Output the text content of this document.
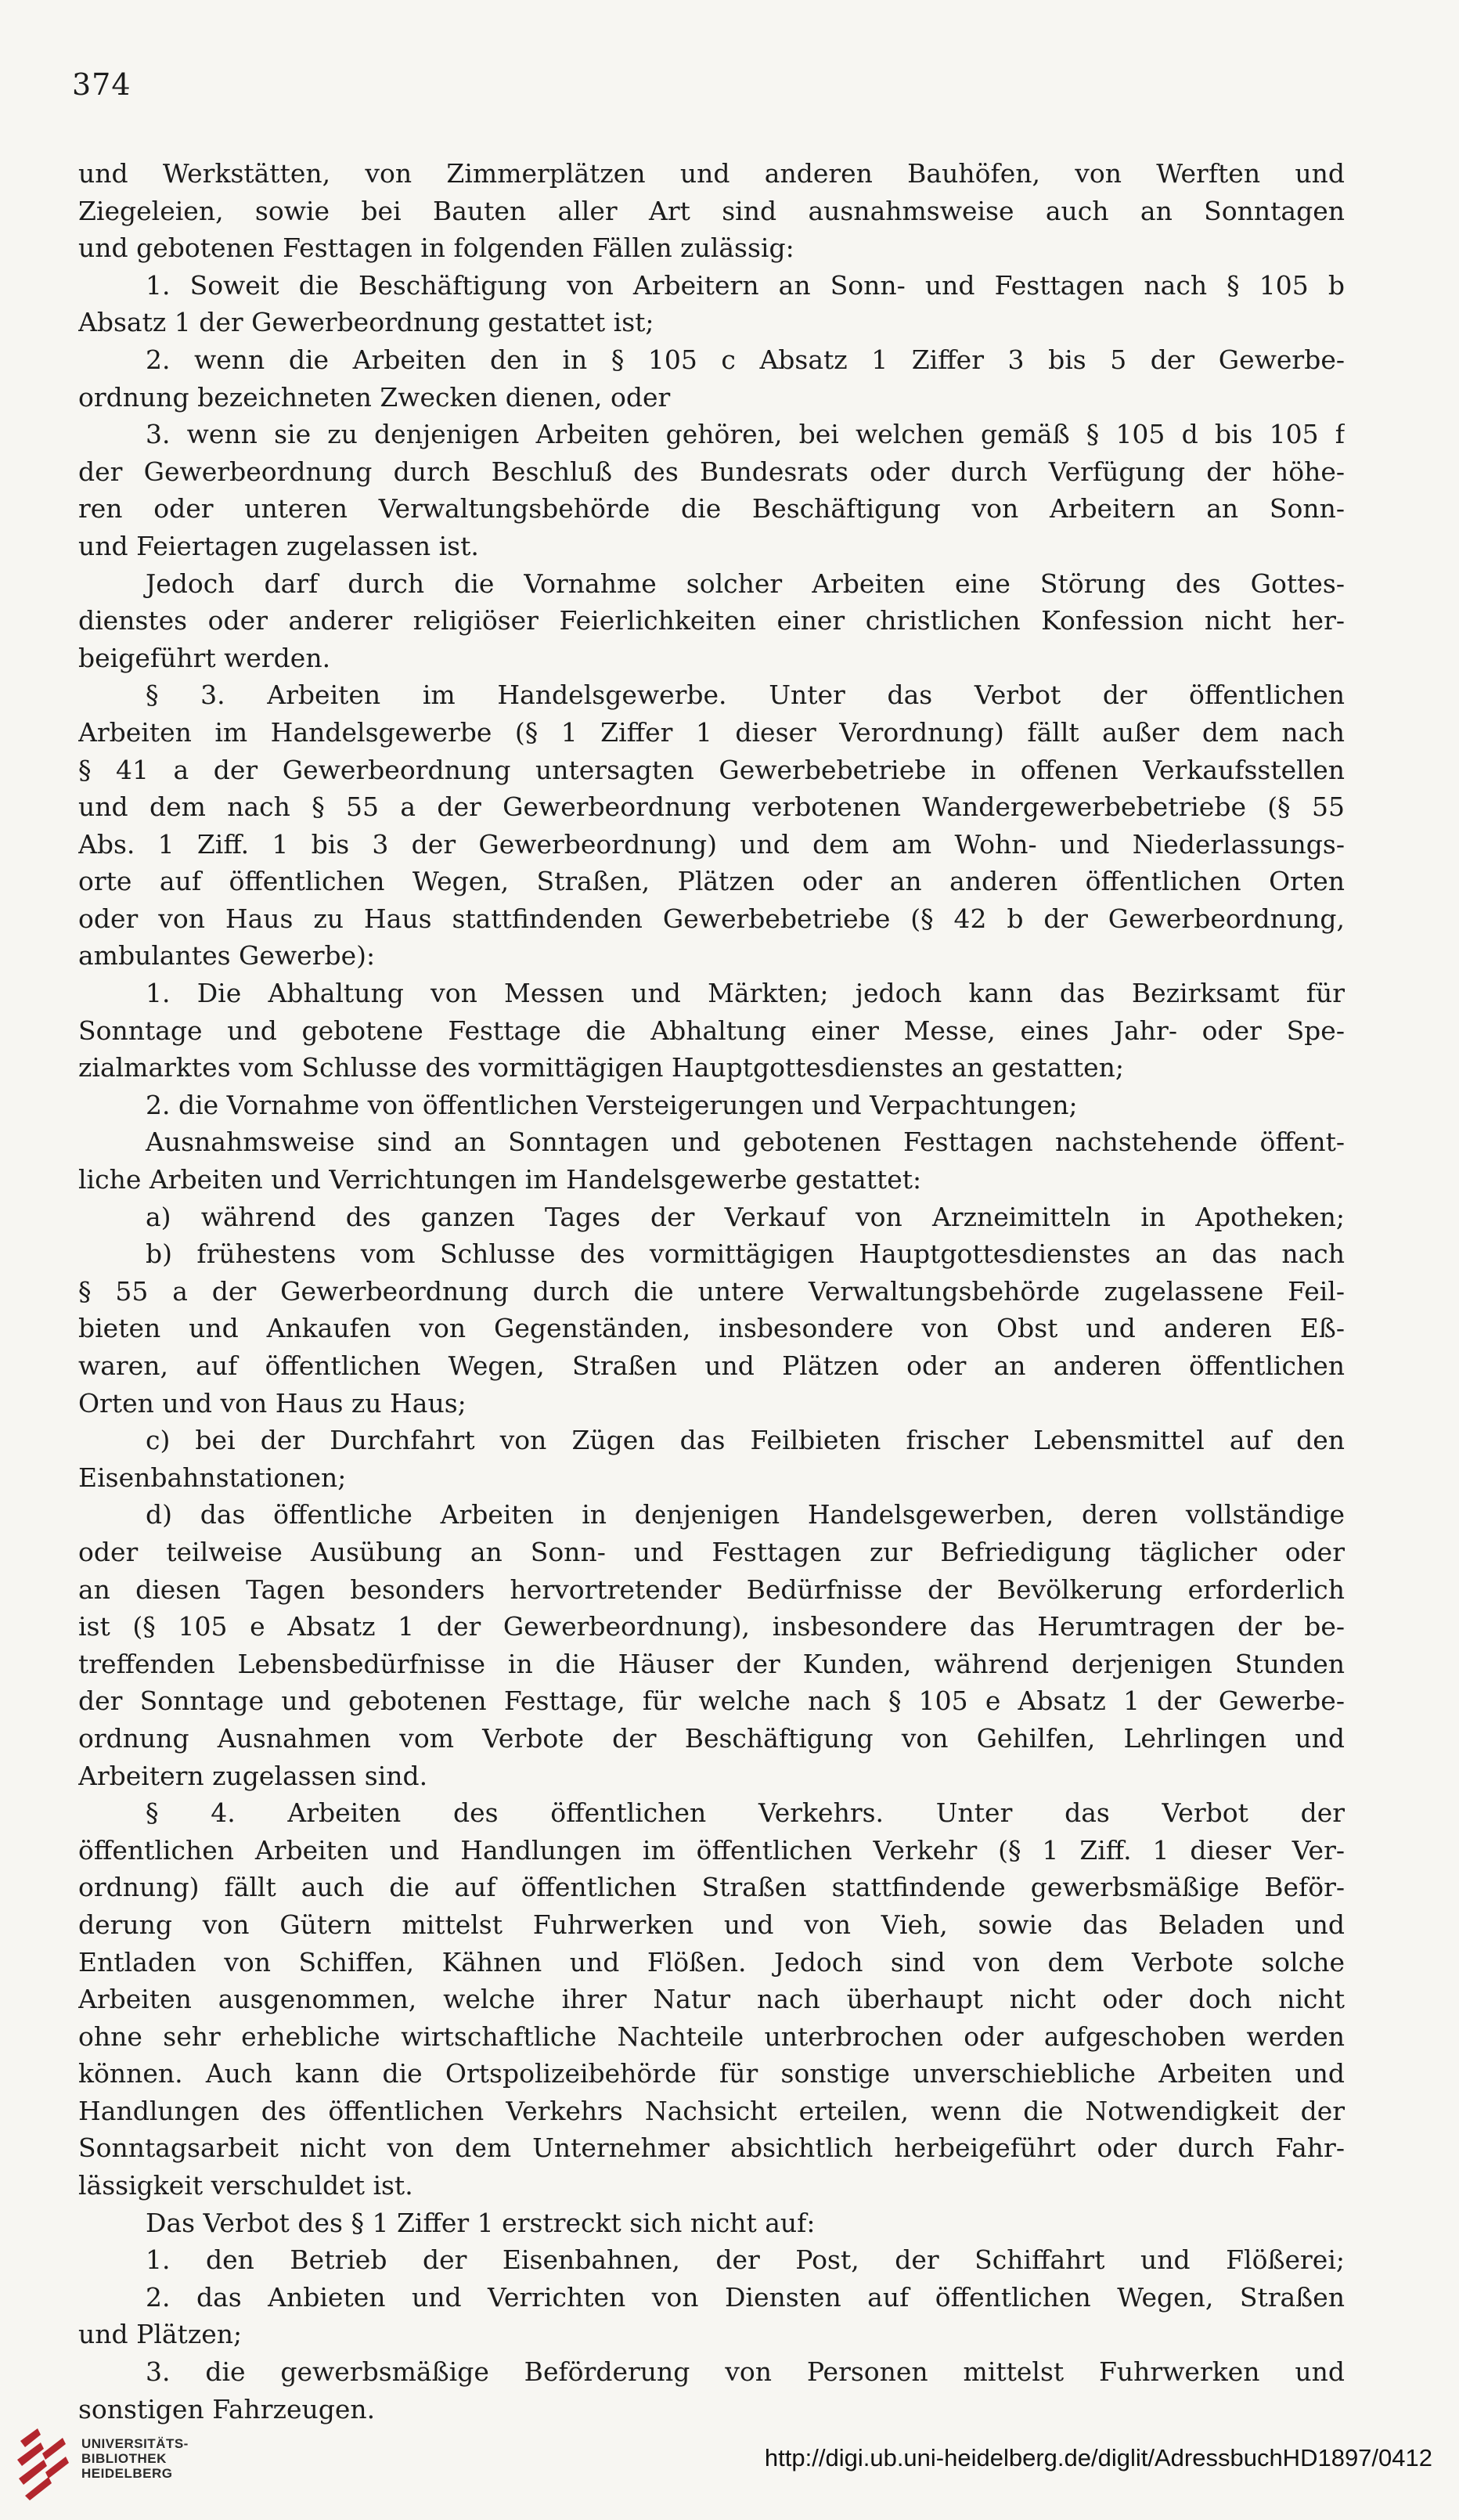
374
und Werkstätten, von Zimmerplätzen und anderen Bauhöfen, von Werften und
Ziegeleien, sowie bei Bauten aller Art sind ausnahmsweise auch an Sonntagen
und gebotenen Festtagen in folgenden Fällen zulässig:
1. Soweit die Beschäftigung von Arbeitern an Sonn- und Festtagen nach § 105 b
Absatz 1 der Gewerbeordnung gestattet ist;
2. wenn die Arbeiten den in § 105 c Absatz 1 Ziffer 3 bis 5 der Gewerbe-
ordnung bezeichneten Zwecken dienen, oder
3. wenn sie zu denjenigen Arbeiten gehören, bei welchen gemäß § 105 d bis 105 f
der Gewerbeordnung durch Beschluß des Bundesrats oder durch Verfügung der höhe-
ren oder unteren Verwaltungsbehörde die Beschäftigung von Arbeitern an Sonn-
und Feiertagen zugelassen ist.
Jedoch darf durch die Vornahme solcher Arbeiten eine Störung des Gottes-
dienstes oder anderer religiöser Feierlichkeiten einer christlichen Konfession nicht her-
beigeführt werden.
§ 3. Arbeiten im Handelsgewerbe. Unter das Verbot der öffentlichen
Arbeiten im Handelsgewerbe (§ 1 Ziffer 1 dieser Verordnung) fällt außer dem nach
§ 41 a der Gewerbeordnung untersagten Gewerbebetriebe in offenen Verkaufsstellen
und dem nach § 55 a der Gewerbeordnung verbotenen Wandergewerbebetriebe (§ 55
Abs. 1 Ziff. 1 bis 3 der Gewerbeordnung) und dem am Wohn- und Niederlassungs-
orte auf öffentlichen Wegen, Straßen, Plätzen oder an anderen öffentlichen Orten
oder von Haus zu Haus stattfindenden Gewerbebetriebe (§ 42 b der Gewerbeordnung,
ambulantes Gewerbe):
1. Die Abhaltung von Messen und Märkten; jedoch kann das Bezirksamt für
Sonntage und gebotene Festtage die Abhaltung einer Messe, eines Jahr- oder Spe-
zialmarktes vom Schlusse des vormittägigen Hauptgottesdienstes an gestatten;
2. die Vornahme von öffentlichen Versteigerungen und Verpachtungen;
Ausnahmsweise sind an Sonntagen und gebotenen Festtagen nachstehende öffent-
liche Arbeiten und Verrichtungen im Handelsgewerbe gestattet:
a) während des ganzen Tages der Verkauf von Arzneimitteln in Apotheken;
b) frühestens vom Schlusse des vormittägigen Hauptgottesdienstes an das nach
§ 55 a der Gewerbeordnung durch die untere Verwaltungsbehörde zugelassene Feil-
bieten und Ankaufen von Gegenständen, insbesondere von Obst und anderen Eß-
waren, auf öffentlichen Wegen, Straßen und Plätzen oder an anderen öffentlichen
Orten und von Haus zu Haus;
c) bei der Durchfahrt von Zügen das Feilbieten frischer Lebensmittel auf den
Eisenbahnstationen;
d) das öffentliche Arbeiten in denjenigen Handelsgewerben, deren vollständige
oder teilweise Ausübung an Sonn- und Festtagen zur Befriedigung täglicher oder
an diesen Tagen besonders hervortretender Bedürfnisse der Bevölkerung erforderlich
ist (§ 105 e Absatz 1 der Gewerbeordnung), insbesondere das Herumtragen der be-
treffenden Lebensbedürfnisse in die Häuser der Kunden, während derjenigen Stunden
der Sonntage und gebotenen Festtage, für welche nach § 105 e Absatz 1 der Gewerbe-
ordnung Ausnahmen vom Verbote der Beschäftigung von Gehilfen, Lehrlingen und
Arbeitern zugelassen sind.
§ 4. Arbeiten des öffentlichen Verkehrs. Unter das Verbot der
öffentlichen Arbeiten und Handlungen im öffentlichen Verkehr (§ 1 Ziff. 1 dieser Ver-
ordnung) fällt auch die auf öffentlichen Straßen stattfindende gewerbsmäßige Beför-
derung von Gütern mittelst Fuhrwerken und von Vieh, sowie das Beladen und
Entladen von Schiffen, Kähnen und Flößen. Jedoch sind von dem Verbote solche
Arbeiten ausgenommen, welche ihrer Natur nach überhaupt nicht oder doch nicht
ohne sehr erhebliche wirtschaftliche Nachteile unterbrochen oder aufgeschoben werden
können. Auch kann die Ortspolizeibehörde für sonstige unverschiebliche Arbeiten und
Handlungen des öffentlichen Verkehrs Nachsicht erteilen, wenn die Notwendigkeit der
Sonntagsarbeit nicht von dem Unternehmer absichtlich herbeigeführt oder durch Fahr-
lässigkeit verschuldet ist.
Das Verbot des § 1 Ziffer 1 erstreckt sich nicht auf:
1. den Betrieb der Eisenbahnen, der Post, der Schiffahrt und Flößerei;
2. das Anbieten und Verrichten von Diensten auf öffentlichen Wegen, Straßen
und Plätzen;
3. die gewerbsmäßige Beförderung von Personen mittelst Fuhrwerken und
sonstigen Fahrzeugen.
UNIVERSITÄTS-
BIBLIOTHEK
HEIDELBERG
http://digi.ub.uni-heidelberg.de/diglit/AdressbuchHD1897/0412
